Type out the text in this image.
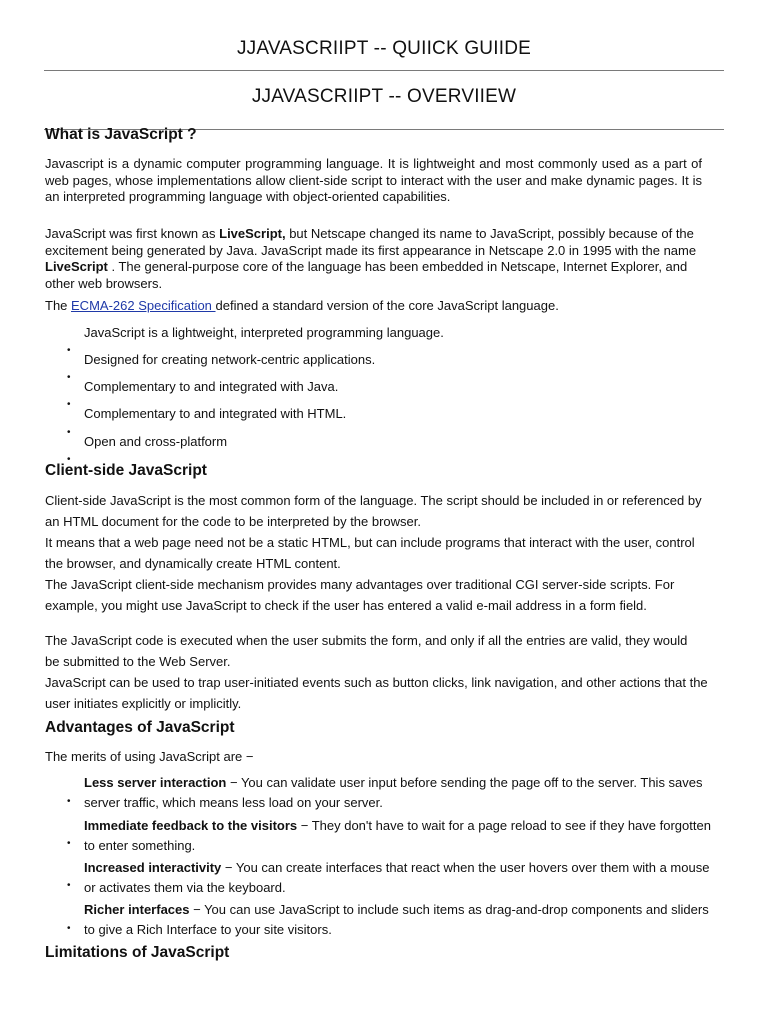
JJAVASCRIIPT -- QUIICK GUIIDE
JJAVASCRIIPT -- OVERVIIEW
What is JavaScript ?

Javascript is a dynamic computer programming language. It is lightweight and most commonly used as a part of web pages, whose implementations allow client-side script to interact with the user and make dynamic pages. It is an interpreted programming language with object-oriented capabilities.

JavaScript was first known as LiveScript, but Netscape changed its name to JavaScript, possibly because of the excitement being generated by Java. JavaScript made its first appearance in Netscape 2.0 in 1995 with the name LiveScript . The general-purpose core of the language has been embedded in Netscape, Internet Explorer, and other web browsers.

The ECMA-262 Specification defined a standard version of the core JavaScript language.

JavaScript is a lightweight, interpreted programming language.
•
Designed for creating network-centric applications.
•
Complementary to and integrated with Java.
•
Complementary to and integrated with HTML.
•
Open and cross-platform
•
Client-side JavaScript

Client-side JavaScript is the most common form of the language. The script should be included in or referenced by an HTML document for the code to be interpreted by the browser.

It means that a web page need not be a static HTML, but can include programs that interact with the user, control the browser, and dynamically create HTML content.

The JavaScript client-side mechanism provides many advantages over traditional CGI server-side scripts. For example, you might use JavaScript to check if the user has entered a valid e-mail address in a form field.

The JavaScript code is executed when the user submits the form, and only if all the entries are valid, they would be submitted to the Web Server.

JavaScript can be used to trap user-initiated events such as button clicks, link navigation, and other actions that the user initiates explicitly or implicitly.

Advantages of JavaScript

The merits of using JavaScript are −

Less server interaction − You can validate user input before sending the page off to the server. This saves server traffic, which means less load on your server.
•
Immediate feedback to the visitors − They don't have to wait for a page reload to see if they have forgotten to enter something.
•
Increased interactivity − You can create interfaces that react when the user hovers over them with a mouse or activates them via the keyboard.
•
Richer interfaces − You can use JavaScript to include such items as drag-and-drop components and sliders to give a Rich Interface to your site visitors.
•
Limitations of JavaScript
